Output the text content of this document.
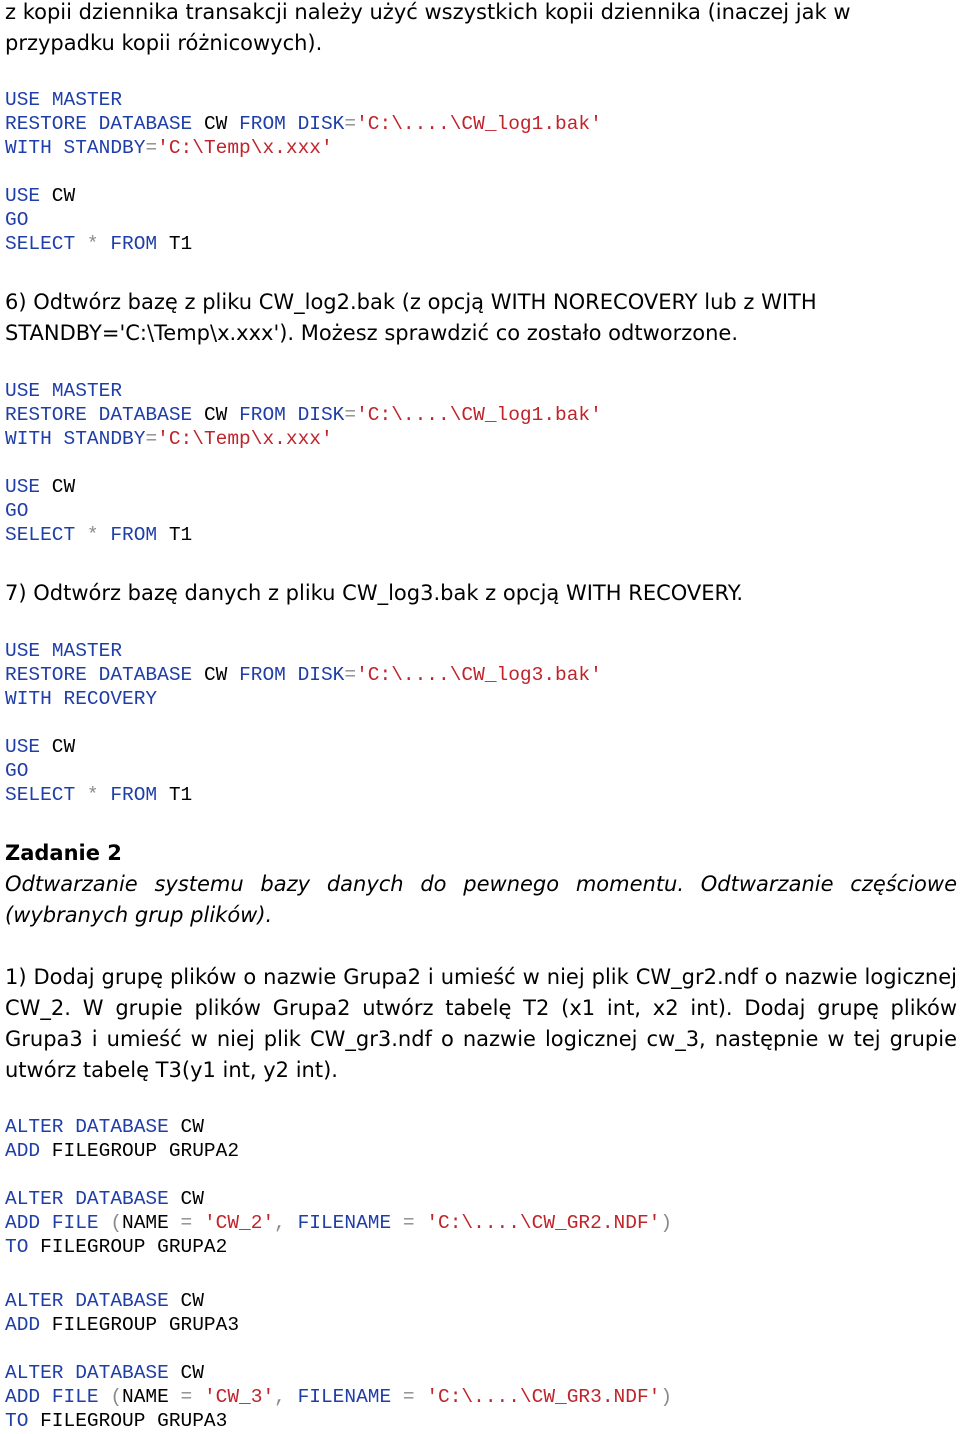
z kopii dziennika transakcji należy użyć wszystkich kopii dziennika (inaczej jak w przypadku kopii różnicowych).

USE MASTER
RESTORE DATABASE CW FROM DISK='C:\....\CW_log1.bak'
WITH STANDBY='C:\Temp\x.xxx'
USE CW
GO
SELECT * FROM T1

6) Odtwórz bazę z pliku CW_log2.bak (z opcją WITH NORECOVERY lub z WITH STANDBY='C:\Temp\x.xxx'). Możesz sprawdzić co zostało odtworzone.

USE MASTER
RESTORE DATABASE CW FROM DISK='C:\....\CW_log1.bak'
WITH STANDBY='C:\Temp\x.xxx'
USE CW
GO
SELECT * FROM T1

7) Odtwórz bazę danych z pliku CW_log3.bak z opcją WITH RECOVERY.

USE MASTER
RESTORE DATABASE CW FROM DISK='C:\....\CW_log3.bak'
WITH RECOVERY
USE CW
GO
SELECT * FROM T1

Zadanie 2

Odtwarzanie systemu bazy danych do pewnego momentu. Odtwarzanie częściowe (wybranych grup plików).

1) Dodaj grupę plików o nazwie Grupa2 i umieść w niej plik CW_gr2.ndf o nazwie logicznej CW_2. W grupie plików Grupa2 utwórz tabelę T2 (x1 int, x2 int). Dodaj grupę plików Grupa3 i umieść w niej plik CW_gr3.ndf o nazwie logicznej cw_3, następnie w tej grupie utwórz tabelę T3(y1 int, y2 int).

ALTER DATABASE CW
ADD FILEGROUP GRUPA2
ALTER DATABASE CW
ADD FILE (NAME = 'CW_2', FILENAME = 'C:\....\CW_GR2.NDF')
TO FILEGROUP GRUPA2
ALTER DATABASE CW
ADD FILEGROUP GRUPA3
ALTER DATABASE CW
ADD FILE (NAME = 'CW_3', FILENAME = 'C:\....\CW_GR3.NDF')
TO FILEGROUP GRUPA3
